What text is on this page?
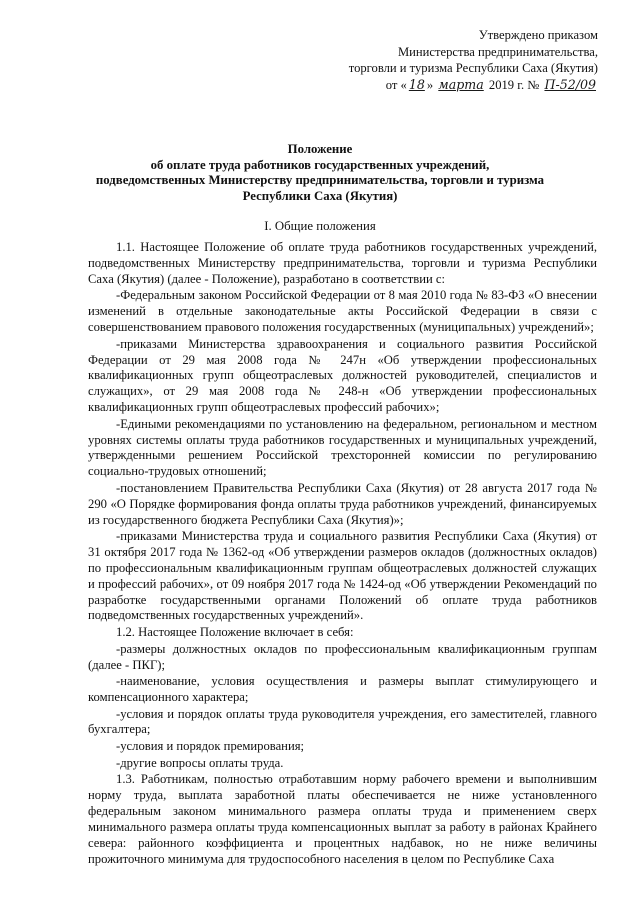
Утверждено приказом
Министерства предпринимательства,
торговли и туризма Республики Саха (Якутия)
от « 18 » марта 2019 г. № П-52/09
Положение
об оплате труда работников государственных учреждений,
подведомственных Министерству предпринимательства, торговли и туризма
Республики Саха (Якутия)
I. Общие положения

1.1. Настоящее Положение об оплате труда работников государственных учреждений, подведомственных Министерству предпринимательства, торговли и туризма Республики Саха (Якутия) (далее - Положение), разработано в соответствии с:

-Федеральным законом Российской Федерации от 8 мая 2010 года № 83-ФЗ «О внесении изменений в отдельные законодательные акты Российской Федерации в связи с совершенствованием правового положения государственных (муниципальных) учреждений»;

-приказами Министерства здравоохранения и социального развития Российской Федерации от 29 мая 2008 года № 247н «Об утверждении профессиональных квалификационных групп общеотраслевых должностей руководителей, специалистов и служащих», от 29 мая 2008 года № 248-н «Об утверждении профессиональных квалификационных групп общеотраслевых профессий рабочих»;

-Едиными рекомендациями по установлению на федеральном, региональном и местном уровнях системы оплаты труда работников государственных и муниципальных учреждений, утвержденными решением Российской трехсторонней комиссии по регулированию социально-трудовых отношений;

-постановлением Правительства Республики Саха (Якутия) от 28 августа 2017 года № 290 «О Порядке формирования фонда оплаты труда работников учреждений, финансируемых из государственного бюджета Республики Саха (Якутия)»;

-приказами Министерства труда и социального развития Республики Саха (Якутия) от 31 октября 2017 года № 1362-од «Об утверждении размеров окладов (должностных окладов) по профессиональным квалификационным группам общеотраслевых должностей служащих и профессий рабочих», от 09 ноября 2017 года № 1424-од «Об утверждении Рекомендаций по разработке государственными органами Положений об оплате труда работников подведомственных государственных учреждений».

1.2. Настоящее Положение включает в себя:

-размеры должностных окладов по профессиональным квалификационным группам (далее - ПКГ);

-наименование, условия осуществления и размеры выплат стимулирующего и компенсационного характера;

-условия и порядок оплаты труда руководителя учреждения, его заместителей, главного бухгалтера;

-условия и порядок премирования;

-другие вопросы оплаты труда.

1.3. Работникам, полностью отработавшим норму рабочего времени и выполнившим норму труда, выплата заработной платы обеспечивается не ниже установленного федеральным законом минимального размера оплаты труда и применением сверх минимального размера оплаты труда компенсационных выплат за работу в районах Крайнего севера: районного коэффициента и процентных надбавок, но не ниже величины прожиточного минимума для трудоспособного населения в целом по Республике Саха
